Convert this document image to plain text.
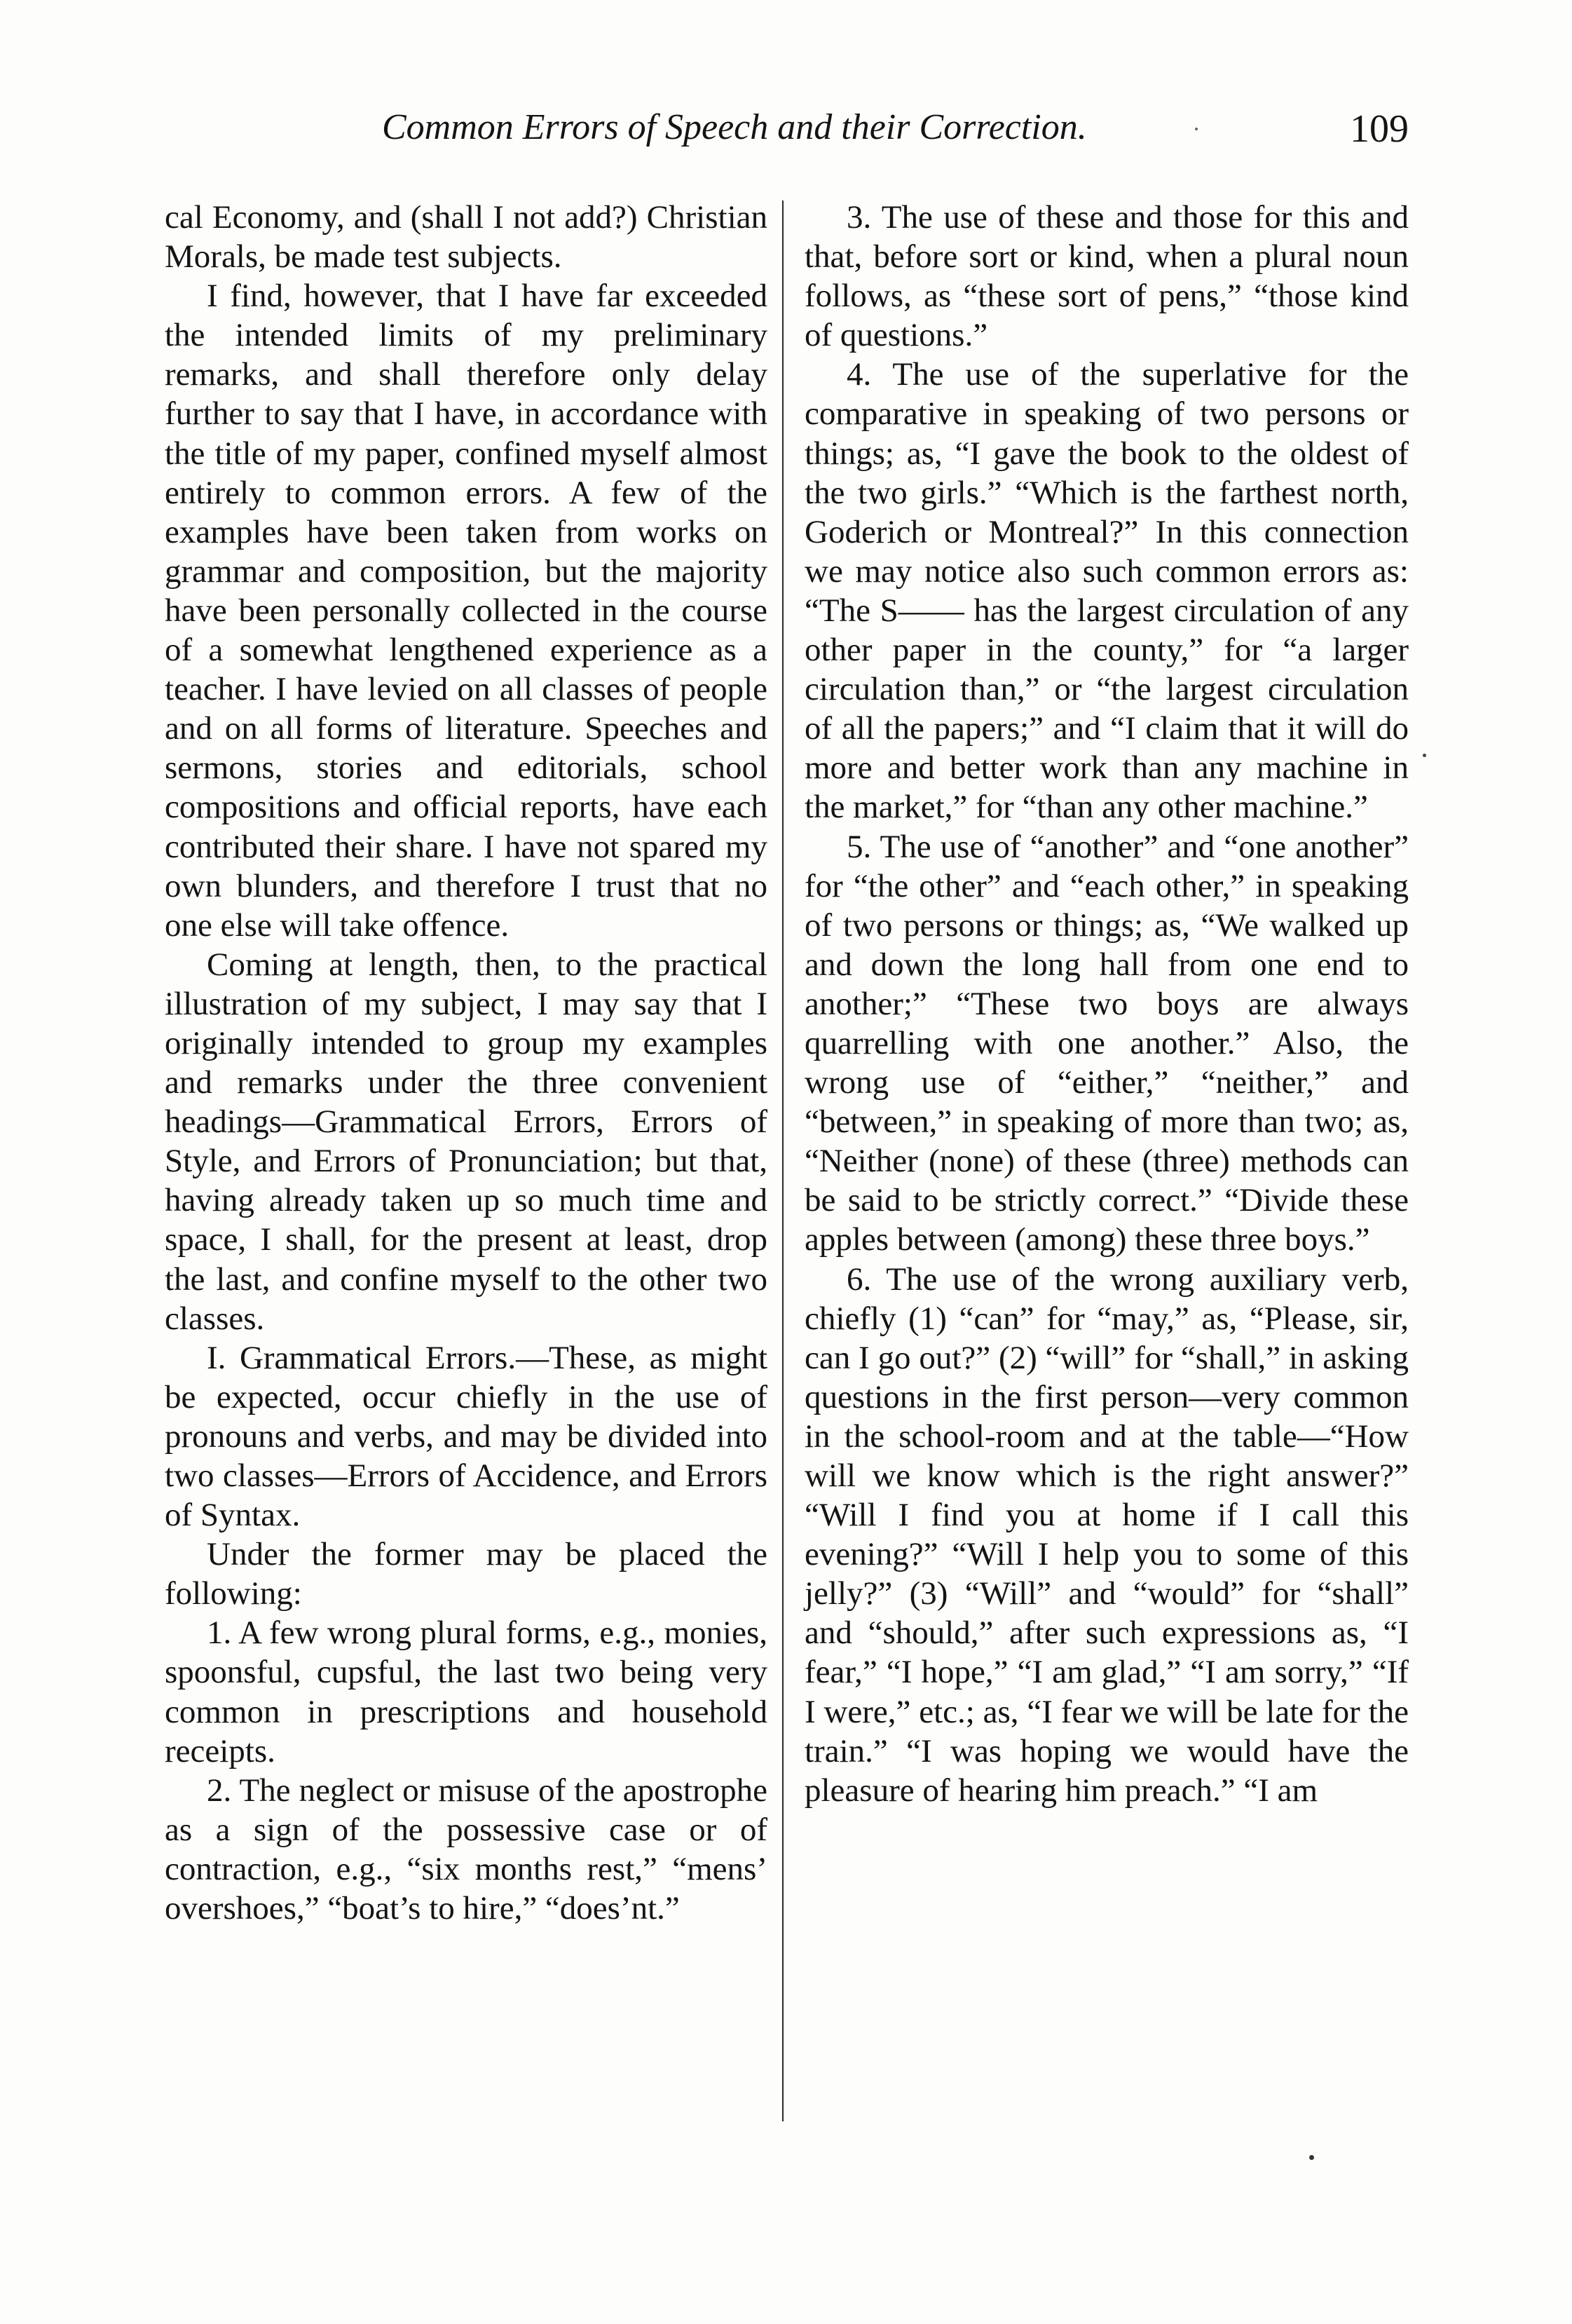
Common Errors of Speech and their Correction.	109

cal Economy, and (shall I not add?) Christian Morals, be made test subjects.

I find, however, that I have far exceeded the intended limits of my preliminary remarks, and shall therefore only delay further to say that I have, in accordance with the title of my paper, confined myself almost entirely to common errors. A few of the examples have been taken from works on grammar and composition, but the majority have been personally collected in the course of a somewhat lengthened experience as a teacher. I have levied on all classes of people and on all forms of literature. Speeches and sermons, stories and editorials, school compositions and official reports, have each contributed their share. I have not spared my own blunders, and therefore I trust that no one else will take offence.

Coming at length, then, to the practical illustration of my subject, I may say that I originally intended to group my examples and remarks under the three convenient headings—Grammatical Errors, Errors of Style, and Errors of Pronunciation; but that, having already taken up so much time and space, I shall, for the present at least, drop the last, and confine myself to the other two classes.

I. Grammatical Errors.—These, as might be expected, occur chiefly in the use of pronouns and verbs, and may be divided into two classes—Errors of Accidence, and Errors of Syntax.

Under the former may be placed the following:

1. A few wrong plural forms, e.g., monies, spoonsful, cupsful, the last two being very common in prescriptions and household receipts.

2. The neglect or misuse of the apostrophe as a sign of the possessive case or of contraction, e.g., “six months rest,” “mens’ overshoes,” “boat’s to hire,” “does’nt.”

3. The use of these and those for this and that, before sort or kind, when a plural noun follows, as “these sort of pens,” “those kind of questions.”

4. The use of the superlative for the comparative in speaking of two persons or things; as, “I gave the book to the oldest of the two girls.” “Which is the farthest north, Goderich or Montreal?” In this connection we may notice also such common errors as: “The S—— has the largest circulation of any other paper in the county,” for “a larger circulation than,” or “the largest circulation of all the papers;” and “I claim that it will do more and better work than any machine in the market,” for “than any other machine.”

5. The use of “another” and “one another” for “the other” and “each other,” in speaking of two persons or things; as, “We walked up and down the long hall from one end to another;” “These two boys are always quarrelling with one another.” Also, the wrong use of “either,” “neither,” and “between,” in speaking of more than two; as, “Neither (none) of these (three) methods can be said to be strictly correct.” “Divide these apples between (among) these three boys.”

6. The use of the wrong auxiliary verb, chiefly (1) “can” for “may,” as, “Please, sir, can I go out?” (2) “will” for “shall,” in asking questions in the first person—very common in the school-room and at the table—“How will we know which is the right answer?” “Will I find you at home if I call this evening?” “Will I help you to some of this jelly?” (3) “Will” and “would” for “shall” and “should,” after such expressions as, “I fear,” “I hope,” “I am glad,” “I am sorry,” “If I were,” etc.; as, “I fear we will be late for the train.” “I was hoping we would have the pleasure of hearing him preach.” “I am
